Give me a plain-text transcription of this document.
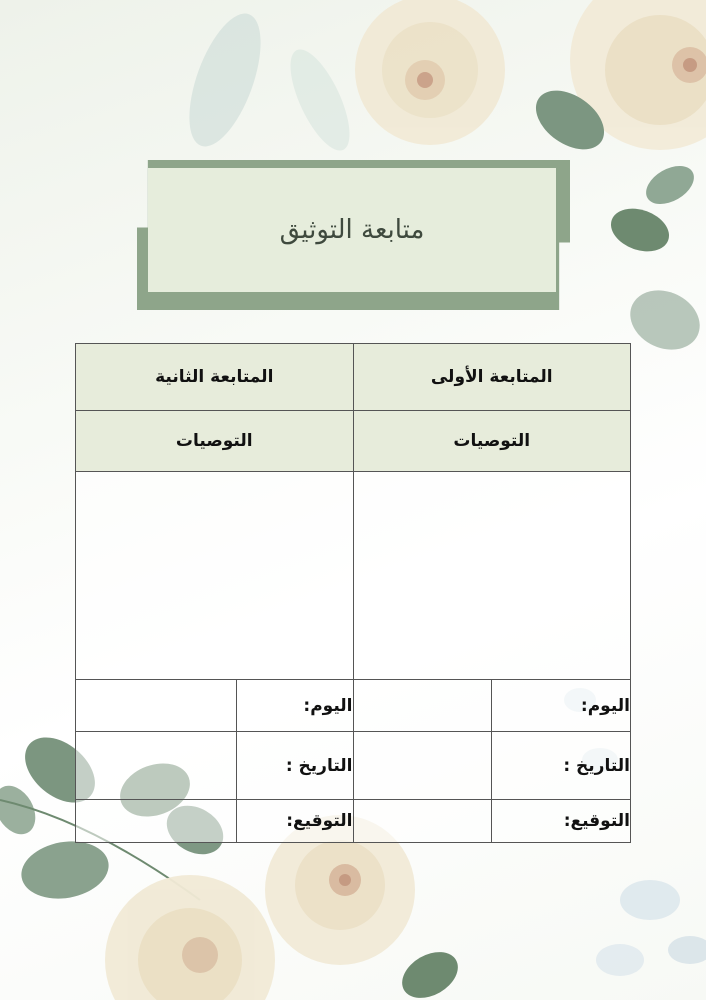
متابعة التوثيق
المتابعة الأولى		المتابعة الثانية	
التوصيات		التوصيات	

اليوم:		اليوم:	
التاريخ :		التاريخ :	
التوقيع:		التوقيع:	
